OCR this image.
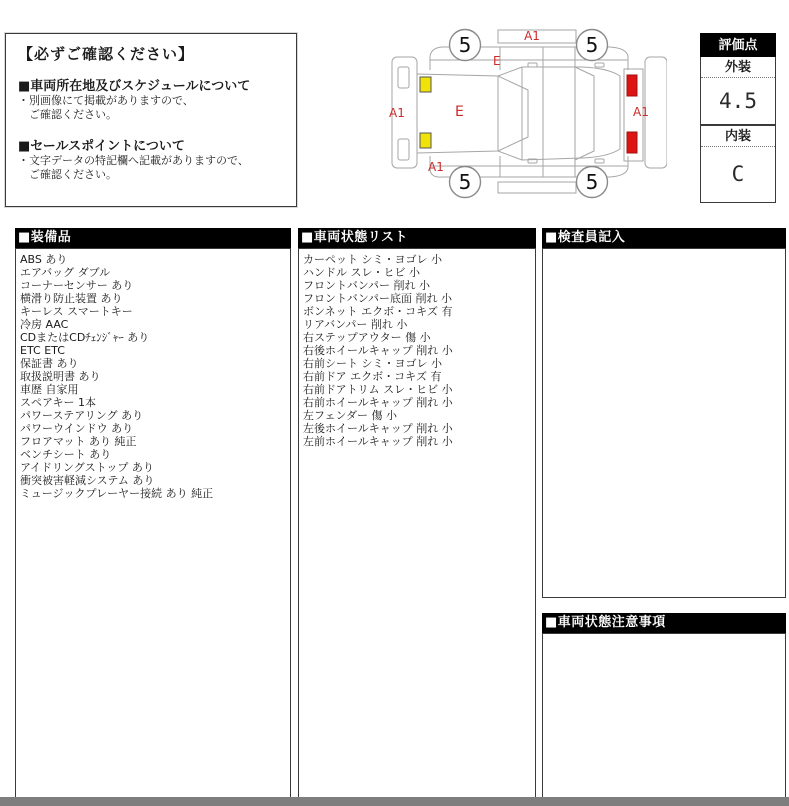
【必ずご確認ください】
■車両所在地及びスケジュールについて
・別画像にて掲載がありますので、
ご確認ください。
■セールスポイントについて
・文字データの特記欄へ記載がありますので、
ご確認ください。
5	5
5	5
A1
E
A1	E
A1
A1
評価点
外装
4.5
内装
C
■装備品
ABS あり
エアバッグ ダブル
コーナーセンサー あり
横滑り防止装置 あり
キーレス スマートキー
冷房 AAC
CDまたはCDﾁｪﾝｼﾞｬｰ あり
ETC ETC
保証書 あり
取扱説明書 あり
車歴 自家用
スペアキー 1本
パワーステアリング あり
パワーウインドウ あり
フロアマット あり 純正
ベンチシート あり
アイドリングストップ あり
衝突被害軽減システム あり
ミュージックプレーヤー接続 あり 純正
■車両状態リスト
カーペット シミ・ヨゴレ 小
ハンドル スレ・ヒビ 小
フロントバンパー 削れ 小
フロントバンパー底面 削れ 小
ボンネット エクボ・コキズ 有
リアバンパー 削れ 小
右ステップアウター 傷 小
右後ホイールキャップ 削れ 小
右前シート シミ・ヨゴレ 小
右前ドア エクボ・コキズ 有
右前ドアトリム スレ・ヒビ 小
右前ホイールキャップ 削れ 小
左フェンダー 傷 小
左後ホイールキャップ 削れ 小
左前ホイールキャップ 削れ 小
■検査員記入
■車両状態注意事項
